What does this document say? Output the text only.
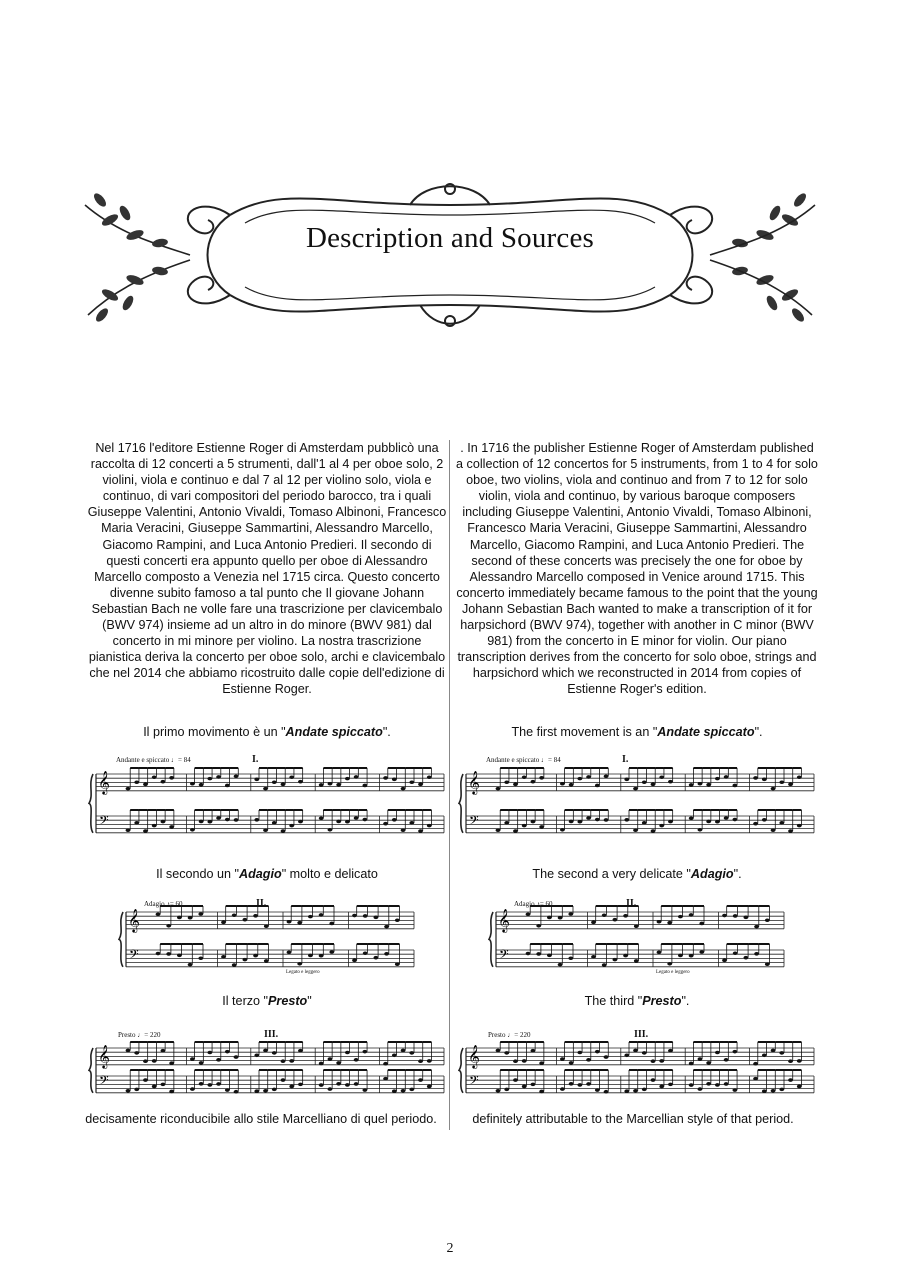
Description and Sources

Nel 1716 l'editore Estienne Roger di Amsterdam pubblicò una raccolta di 12 concerti a 5 strumenti, dall'1 al 4 per oboe solo, 2 violini, viola e continuo e dal 7 al 12 per violino solo, viola e continuo, di vari compositori del periodo barocco, tra i quali Giuseppe Valentini, Antonio Vivaldi, Tomaso Albinoni, Francesco Maria Veracini, Giuseppe Sammartini, Alessandro Marcello, Giacomo Rampini, and Luca Antonio Predieri. Il secondo di questi concerti era appunto quello per oboe di Alessandro Marcello composto a Venezia nel 1715 circa. Questo concerto divenne subito famoso a tal punto che Il giovane Johann Sebastian Bach ne volle fare una trascrizione per clavicembalo (BWV 974) insieme ad un altro in do minore (BWV 981) dal concerto in mi minore per violino. La nostra trascrizione pianistica deriva la concerto per oboe solo, archi e clavicembalo che nel 2014 che abbiamo ricostruito dalle copie dell'edizione di Estienne Roger.

. In 1716 the publisher Estienne Roger of Amsterdam published a collection of 12 concertos for 5 instruments, from 1 to 4 for solo oboe, two violins, viola and continuo and from 7 to 12 for solo violin, viola and continuo, by various baroque composers including Giuseppe Valentini, Antonio Vivaldi, Tomaso Albinoni, Francesco Maria Veracini, Giuseppe Sammartini, Alessandro Marcello, Giacomo Rampini, and Luca Antonio Predieri. The second of these concerts was precisely the one for oboe by Alessandro Marcello composed in Venice around 1715. This concerto immediately became famous to the point that the young Johann Sebastian Bach wanted to make a transcription of it for harpsichord (BWV 974), together with another in C minor (BWV 981) from the concerto in E minor for violin. Our piano transcription derives from the concerto for solo oboe, strings and harpsichord which we reconstructed in 2014 from copies of Estienne Roger's edition.

Il primo movimento è un "Andate spiccato".	The first movement is an "Andate spiccato".
𝄞
𝄢
Andante e spiccato ♩= 84	I.
𝄞
𝄢
Andante e spiccato ♩= 84	I.
Il secondo un "Adagio" molto e delicato	The second a very delicate "Adagio".
𝄞
𝄢
Adagio ♪= 60	II.
Legato e leggero
𝄞
𝄢
Adagio ♪= 60	II.
Legato e leggero
Il terzo "Presto"	The third "Presto".
𝄞
𝄢
Presto ♩= 220	III.
𝄞
𝄢
Presto ♩= 220	III.
decisamente riconducibile allo stile Marcelliano di quel periodo.	definitely attributable to the Marcellian style of that period.
2
